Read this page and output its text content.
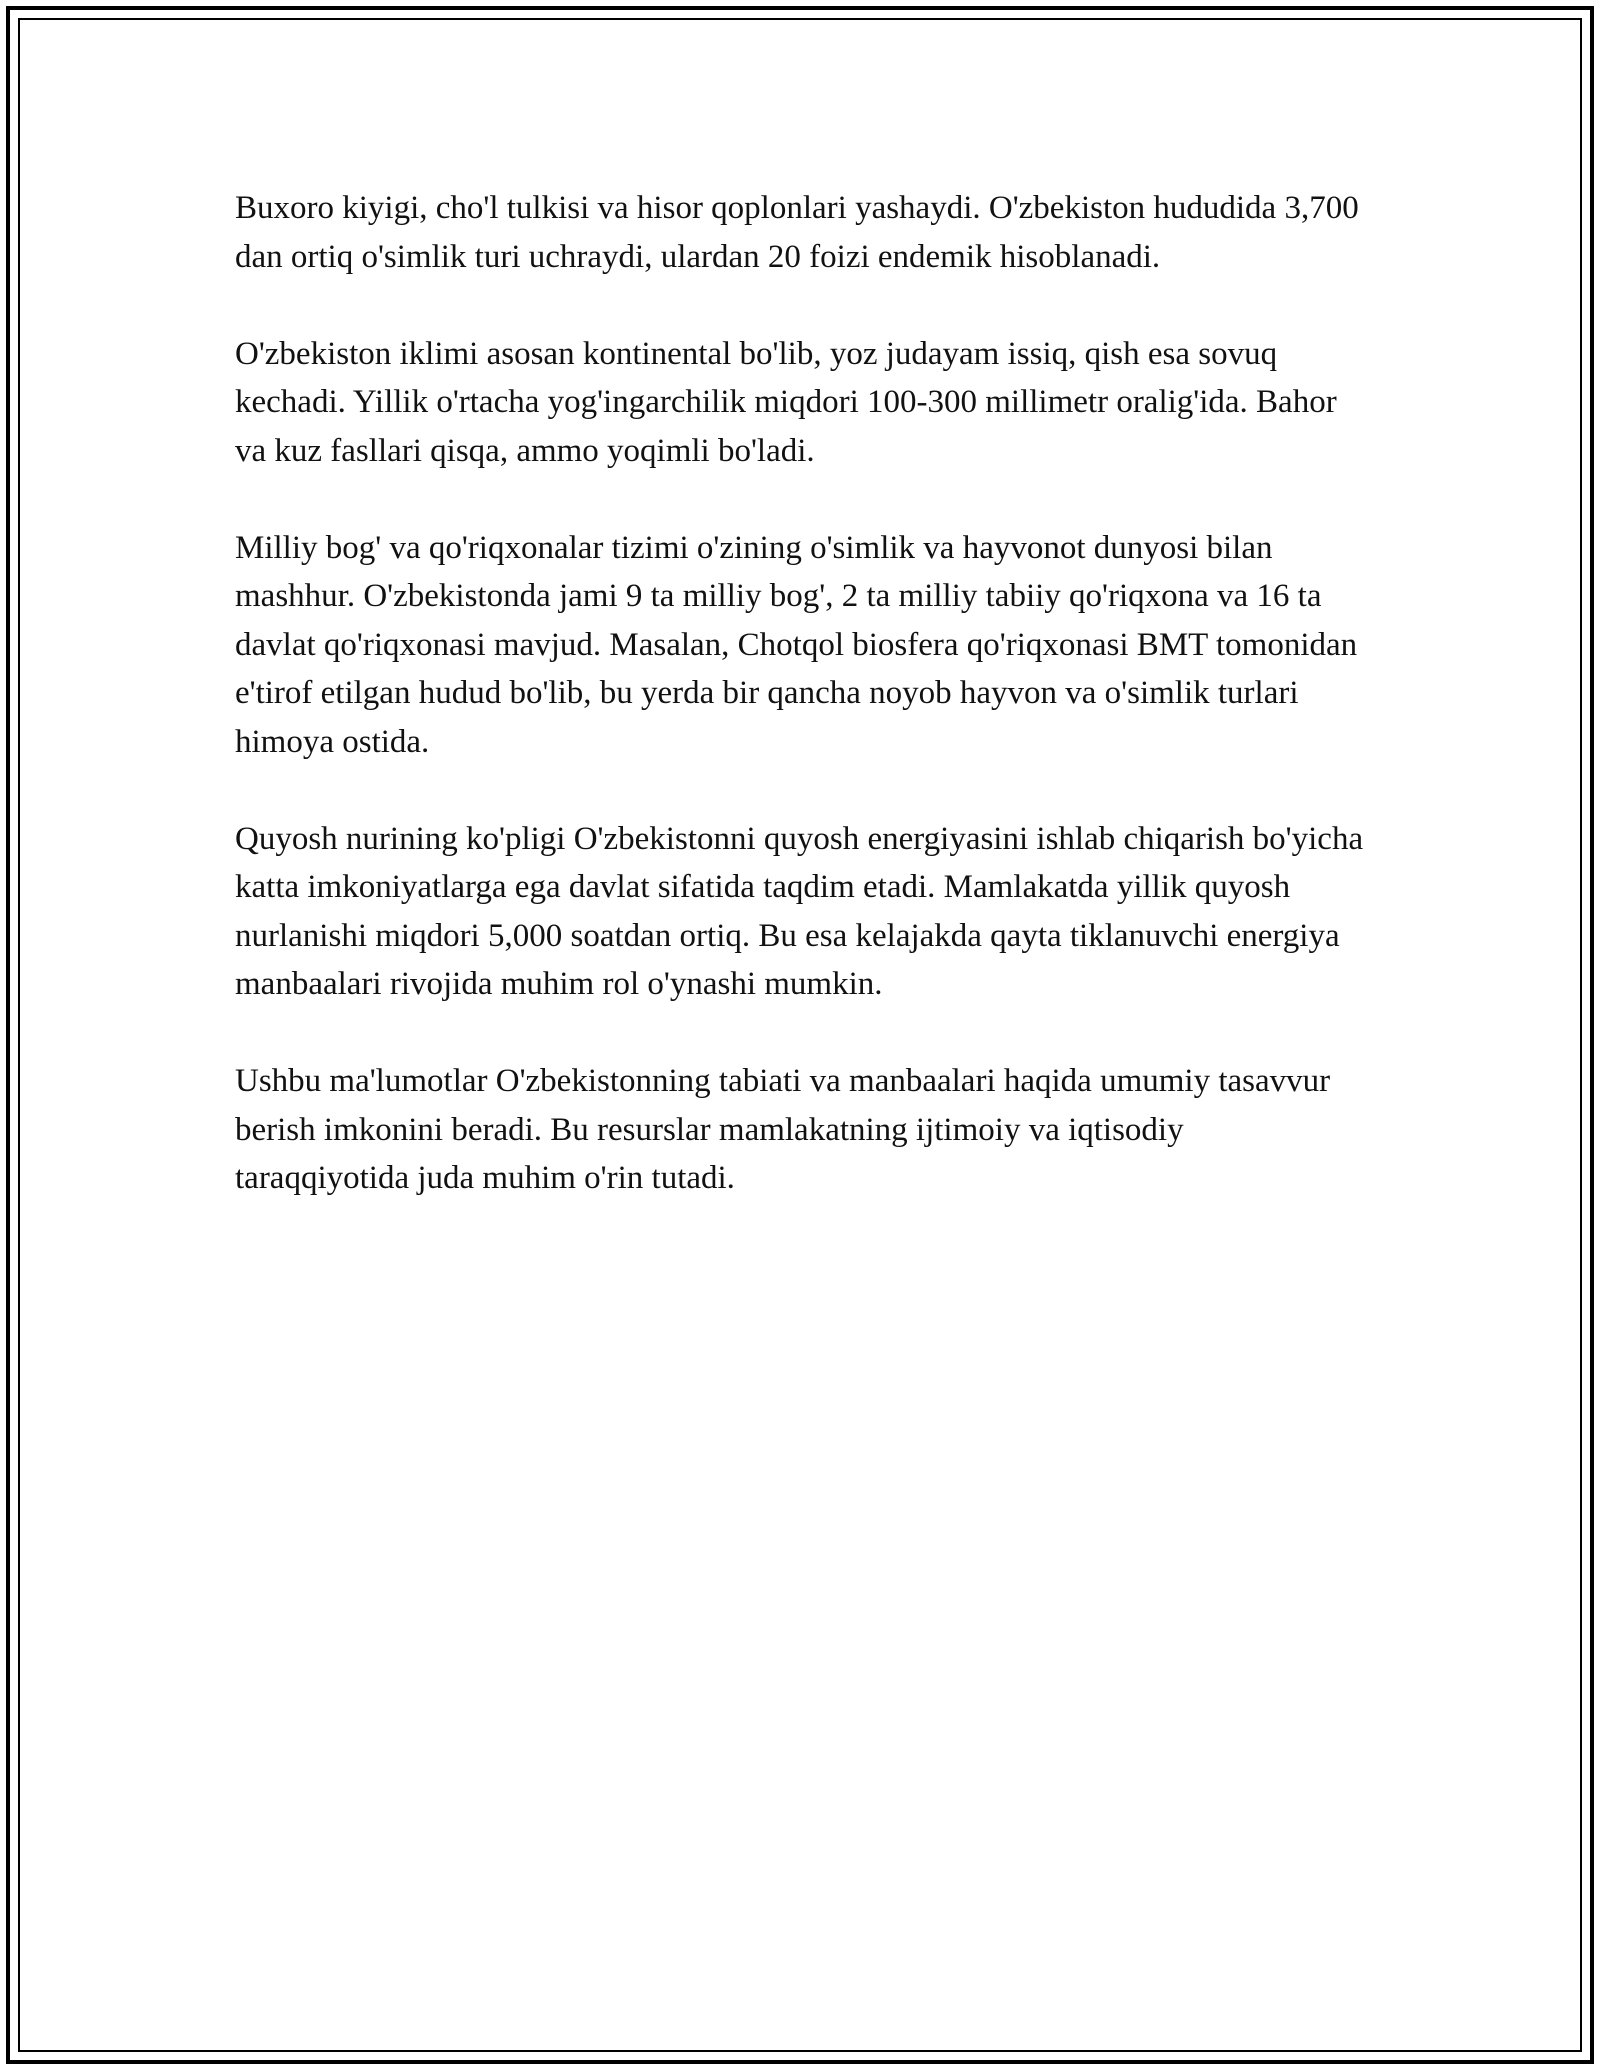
Buxoro kiyigi, cho'l tulkisi va hisor qoplonlari yashaydi. O'zbekiston hududida 3,700 dan ortiq o'simlik turi uchraydi, ulardan 20 foizi endemik hisoblanadi.

O'zbekiston iklimi asosan kontinental bo'lib, yoz judayam issiq, qish esa sovuq kechadi. Yillik o'rtacha yog'ingarchilik miqdori 100-300 millimetr oralig'ida. Bahor va kuz fasllari qisqa, ammo yoqimli bo'ladi.

Milliy bog' va qo'riqxonalar tizimi o'zining o'simlik va hayvonot dunyosi bilan mashhur. O'zbekistonda jami 9 ta milliy bog', 2 ta milliy tabiiy qo'riqxona va 16 ta davlat qo'riqxonasi mavjud. Masalan, Chotqol biosfera qo'riqxonasi BMT tomonidan e'tirof etilgan hudud bo'lib, bu yerda bir qancha noyob hayvon va o'simlik turlari himoya ostida.

Quyosh nurining ko'pligi O'zbekistonni quyosh energiyasini ishlab chiqarish bo'yicha katta imkoniyatlarga ega davlat sifatida taqdim etadi. Mamlakatda yillik quyosh nurlanishi miqdori 5,000 soatdan ortiq. Bu esa kelajakda qayta tiklanuvchi energiya manbaalari rivojida muhim rol o'ynashi mumkin.

Ushbu ma'lumotlar O'zbekistonning tabiati va manbaalari haqida umumiy tasavvur berish imkonini beradi. Bu resurslar mamlakatning ijtimoiy va iqtisodiy taraqqiyotida juda muhim o'rin tutadi.
